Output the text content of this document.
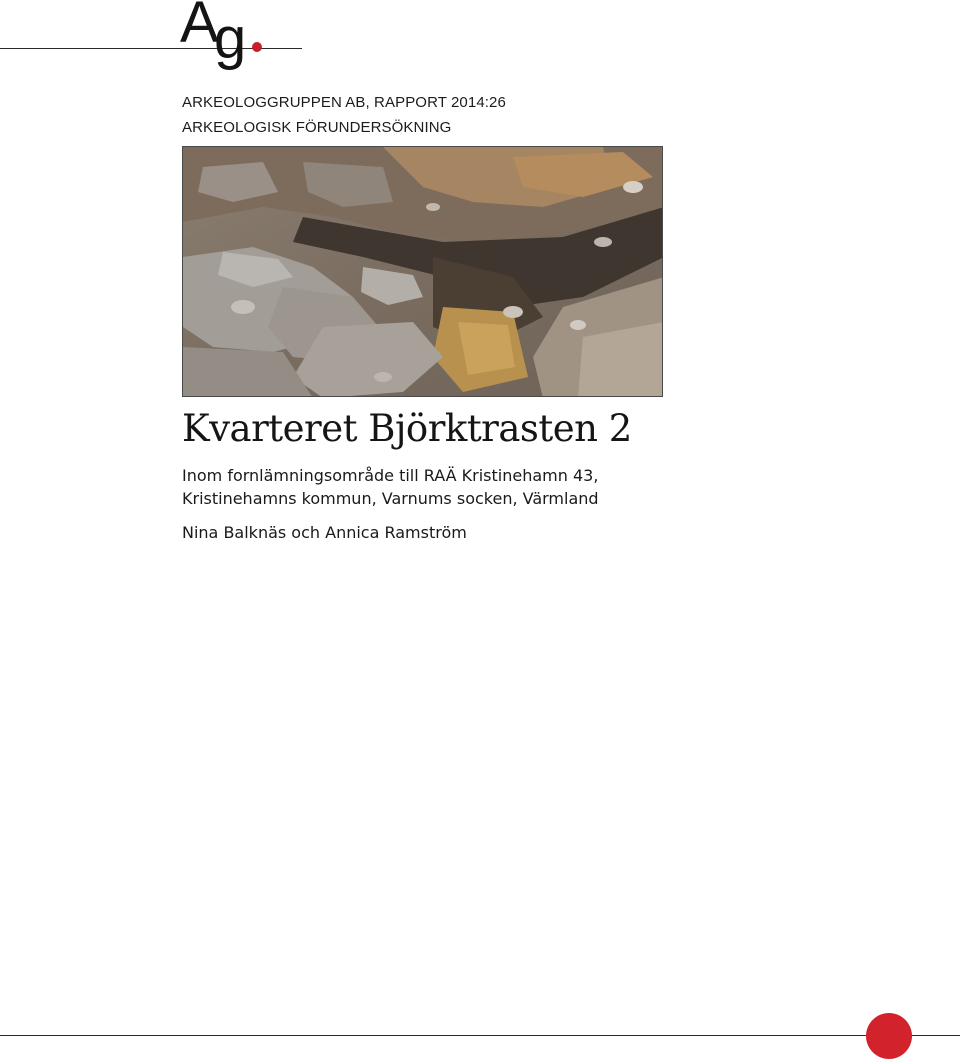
A
g
ARKEOLOGGRUPPEN AB, RAPPORT 2014:26
ARKEOLOGISK FÖRUNDERSÖKNING
Kvarteret Björktrasten 2
Inom fornlämningsområde till RAÄ Kristinehamn 43,
Kristinehamns kommun, Varnums socken, Värmland
Nina Balknäs och Annica Ramström
